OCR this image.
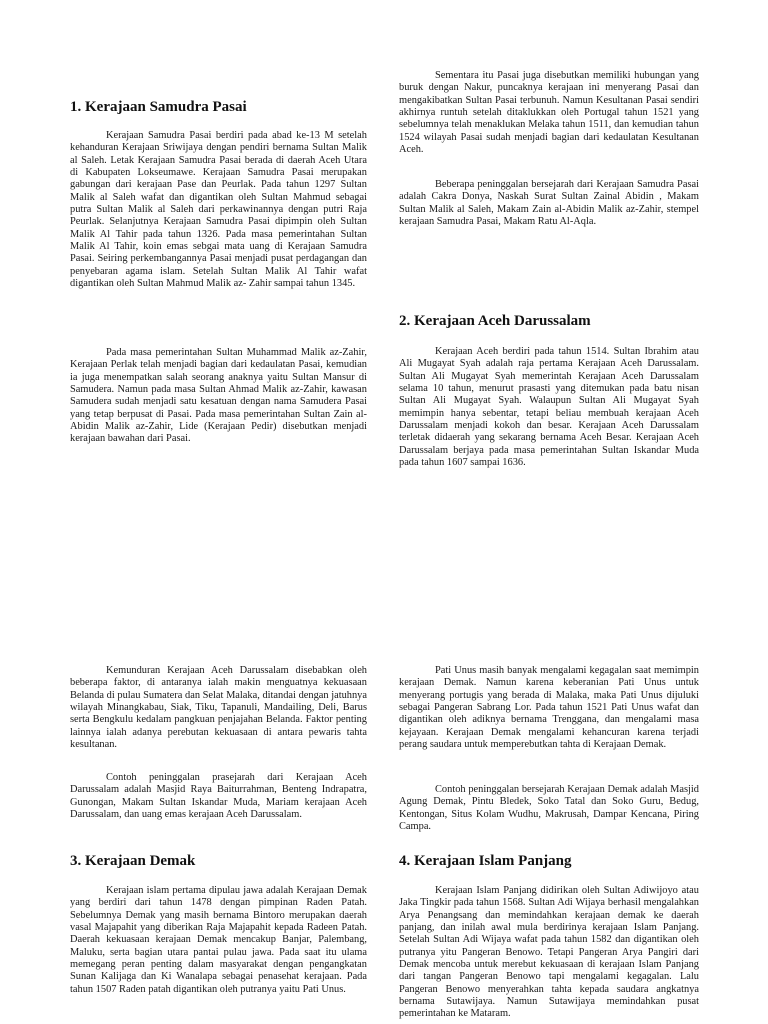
1. Kerajaan Samudra Pasai

Kerajaan Samudra Pasai berdiri pada abad ke-13 M setelah kehanduran Kerajaan Sriwijaya dengan pendiri bernama Sultan Malik al Saleh. Letak Kerajaan Samudra Pasai berada di daerah Aceh Utara di Kabupaten Lokseumawe. Kerajaan Samudra Pasai merupakan gabungan dari kerajaan Pase dan Peurlak. Pada tahun 1297 Sultan Malik al Saleh wafat dan digantikan oleh Sultan Mahmud sebagai putra Sultan Malik al Saleh dari perkawinannya dengan putri Raja Peurlak. Selanjutnya Kerajaan Samudra Pasai dipimpin oleh Sultan Malik Al Tahir pada tahun 1326. Pada masa pemerintahan Sultan Malik Al Tahir, koin emas sebgai mata uang di Kerajaan Samudra Pasai. Seiring perkembangannya Pasai menjadi pusat perdagangan dan penyebaran agama islam. Setelah Sultan Malik Al Tahir wafat digantikan oleh Sultan Mahmud Malik az- Zahir sampai tahun 1345.

Pada masa pemerintahan Sultan Muhammad Malik az-Zahir, Kerajaan Perlak telah menjadi bagian dari kedaulatan Pasai, kemudian ia juga menempatkan salah seorang anaknya yaitu Sultan Mansur di Samudera. Namun pada masa Sultan Ahmad Malik az-Zahir, kawasan Samudera sudah menjadi satu kesatuan dengan nama Samudera Pasai yang tetap berpusat di Pasai. Pada masa pemerintahan Sultan Zain al-Abidin Malik az-Zahir, Lide (Kerajaan Pedir) disebutkan menjadi kerajaan bawahan dari Pasai.

Sementara itu Pasai juga disebutkan memiliki hubungan yang buruk dengan Nakur, puncaknya kerajaan ini menyerang Pasai dan mengakibatkan Sultan Pasai terbunuh. Namun Kesultanan Pasai sendiri akhirnya runtuh setelah ditaklukkan oleh Portugal tahun 1521 yang sebelumnya telah menaklukan Melaka tahun 1511, dan kemudian tahun 1524 wilayah Pasai sudah menjadi bagian dari kedaulatan Kesultanan Aceh.

Beberapa peninggalan bersejarah dari Kerajaan Samudra Pasai adalah Cakra Donya, Naskah Surat Sultan Zainal Abidin , Makam Sultan Malik al Saleh, Makam Zain al-Abidin Malik az-Zahir, stempel kerajaan Samudra Pasai, Makam Ratu Al-Aqla.

2. Kerajaan Aceh Darussalam

Kerajaan Aceh berdiri pada tahun 1514. Sultan Ibrahim atau Ali Mugayat Syah adalah raja pertama Kerajaan Aceh Darussalam. Sultan Ali Mugayat Syah memerintah Kerajaan Aceh Darussalam selama 10 tahun, menurut prasasti yang ditemukan pada batu nisan Sultan Ali Mugayat Syah. Walaupun Sultan Ali Mugayat Syah memimpin hanya sebentar, tetapi beliau membuah kerajaan Aceh Darussalam menjadi kokoh dan besar. Kerajaan Aceh Darussalam terletak didaerah yang sekarang bernama Aceh Besar. Kerajaan Aceh Darussalam berjaya pada masa pemerintahan Sultan Iskandar Muda pada tahun 1607 sampai 1636.

Kemunduran Kerajaan Aceh Darussalam disebabkan oleh beberapa faktor, di antaranya ialah makin menguatnya kekuasaan Belanda di pulau Sumatera dan Selat Malaka, ditandai dengan jatuhnya wilayah Minangkabau, Siak, Tiku, Tapanuli, Mandailing, Deli, Barus serta Bengkulu kedalam pangkuan penjajahan Belanda. Faktor penting lainnya ialah adanya perebutan kekuasaan di antara pewaris tahta kesultanan.

Contoh peninggalan prasejarah dari Kerajaan Aceh Darussalam adalah Masjid Raya Baiturrahman, Benteng Indrapatra, Gunongan, Makam Sultan Iskandar Muda, Mariam kerajaan Aceh Darussalam, dan uang emas kerajaan Aceh Darussalam.

3. Kerajaan Demak

Kerajaan islam pertama dipulau jawa adalah Kerajaan Demak yang berdiri dari tahun 1478 dengan pimpinan Raden Patah. Sebelumnya Demak yang masih bernama Bintoro merupakan daerah vasal Majapahit yang diberikan Raja Majapahit kepada Radeen Patah. Daerah kekuasaan kerajaan Demak mencakup Banjar, Palembang, Maluku, serta bagian utara pantai pulau jawa. Pada saat itu ulama memegang peran penting dalam masyarakat dengan pengangkatan Sunan Kalijaga dan Ki Wanalapa sebagai penasehat kerajaan. Pada tahun 1507 Raden patah digantikan oleh putranya yaitu Pati Unus.

Pati Unus masih banyak mengalami kegagalan saat memimpin kerajaan Demak. Namun karena keberanian Pati Unus untuk menyerang portugis yang berada di Malaka, maka Pati Unus dijuluki sebagai Pangeran Sabrang Lor. Pada tahun 1521 Pati Unus wafat dan digantikan oleh adiknya bernama Trenggana, dan mengalami masa kejayaan. Kerajaan Demak mengalami kehancuran karena terjadi perang saudara untuk memperebutkan tahta di Kerajaan Demak.

Contoh peninggalan bersejarah Kerajaan Demak adalah Masjid Agung Demak, Pintu Bledek, Soko Tatal dan Soko Guru, Bedug, Kentongan, Situs Kolam Wudhu, Makrusah, Dampar Kencana, Piring Campa.

4. Kerajaan Islam Panjang

Kerajaan Islam Panjang didirikan oleh Sultan Adiwijoyo atau Jaka Tingkir pada tahun 1568. Sultan Adi Wijaya berhasil mengalahkan Arya Penangsang dan memindahkan kerajaan demak ke daerah panjang, dan inilah awal mula berdirinya kerajaan Islam Panjang. Setelah Sultan Adi Wijaya wafat pada tahun 1582 dan digantikan oleh putranya yitu Pangeran Benowo. Tetapi Pangeran Arya Pangiri dari Demak mencoba untuk merebut kekuasaan di kerajaan Islam Panjang dari tangan Pangeran Benowo tapi mengalami kegagalan. Lalu Pangeran Benowo menyerahkan tahta kepada saudara angkatnya bernama Sutawijaya. Namun Sutawijaya memindahkan pusat pemerintahan ke Mataram.
